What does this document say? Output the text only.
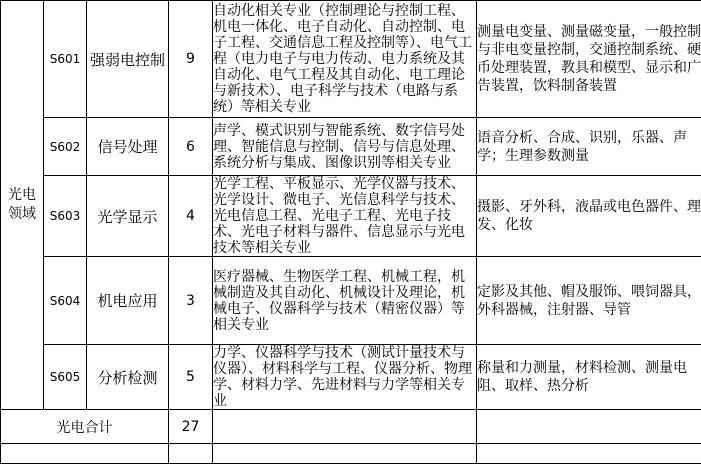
光电领域	S601	强弱电控制	9	自动化相关专业（控制理论与控制工程、机电一体化、电子自动化、自动控制、电子工程、交通信息工程及控制等）、电气工程（电力电子与电力传动、电力系统及其自动化、电气工程及其自动化、电工理论与新技术）、电子科学与技术（电路与系统）等相关专业	测量电变量、测量磁变量，一般控制与非电变量控制，交通控制系统、硬币处理装置，教具和模型、显示和广告装置，饮料制备装置
	S602	信号处理	6	声学、模式识别与智能系统、数字信号处理、智能信息与控制、信号与信息处理、系统分析与集成、图像识别等相关专业	语音分析、合成、识别，乐器、声学；生理参数测量
	S603	光学显示	4	光学工程、平板显示、光学仪器与技术、光学设计、微电子、光信息科学与技术、光电信息工程、光电子工程、光电子技术、光电子材料与器件、信息显示与光电技术等相关专业	摄影、牙外科，液晶或电色器件、理发、化妆
	S604	机电应用	3	医疗器械、生物医学工程、机械工程，机械制造及其自动化、机械设计及理论，机械电子、仪器科学与技术（精密仪器）等相关专业	定影及其他、帽及服饰、喂饲器具，外科器械，注射器、导管
	S605	分析检测	5	力学、仪器科学与技术（测试计量技术与仪器）、材料科学与工程、仪器分析、物理学、材料力学、先进材料与力学等相关专业	称量和力测量，材料检测、测量电阻、取样、热分析
光电合计			27		
